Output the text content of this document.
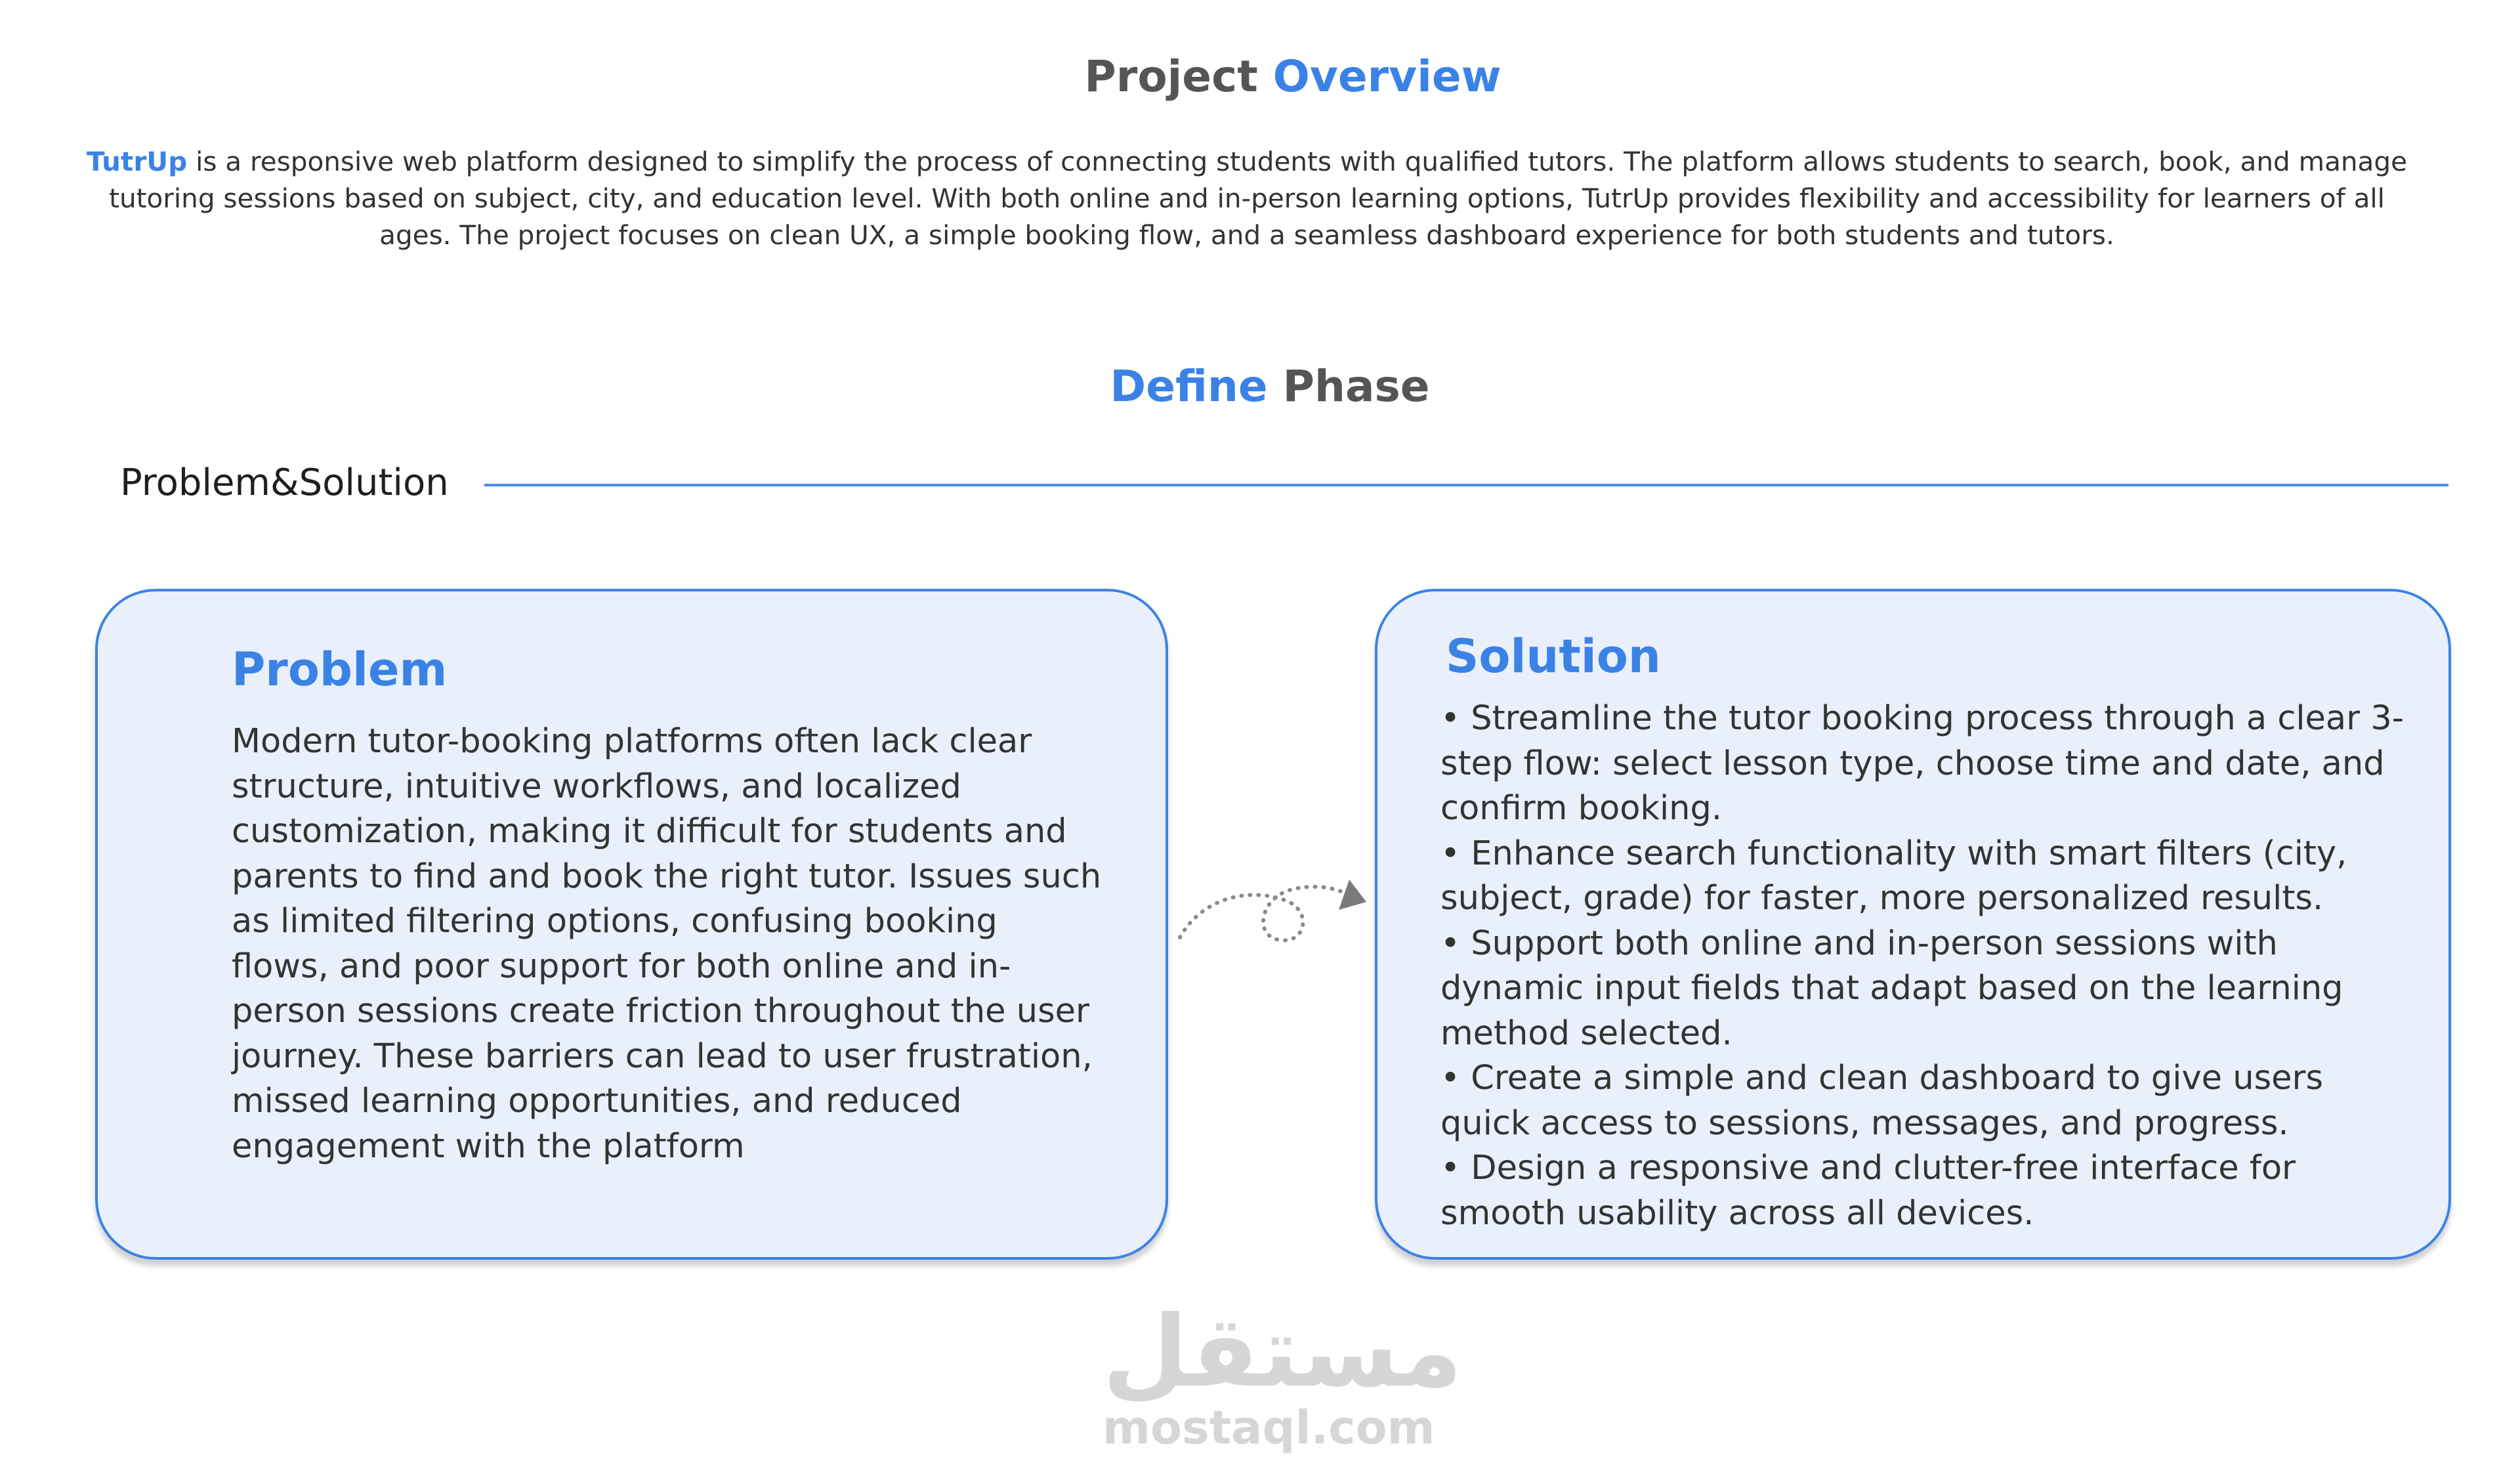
Project Overview
TutrUp is a responsive web platform designed to simplify the process of connecting students with qualified tutors. The platform allows students to search, book, and manage tutoring sessions based on subject, city, and education level. With both online and in-person learning options, TutrUp provides flexibility and accessibility for learners of all ages. The project focuses on clean UX, a simple booking flow, and a seamless dashboard experience for both students and tutors.
Define Phase
Problem&Solution
Problem
Modern tutor-booking platforms often lack clear structure, intuitive workflows, and localized customization, making it difficult for students and parents to find and book the right tutor. Issues such as limited filtering options, confusing booking flows, and poor support for both online and in-person sessions create friction throughout the user journey. These barriers can lead to user frustration, missed learning opportunities, and reduced engagement with the platform
Solution
• Streamline the tutor booking process through a clear 3-step flow: select lesson type, choose time and date, and confirm booking.
• Enhance search functionality with smart filters (city, subject, grade) for faster, more personalized results.
• Support both online and in-person sessions with dynamic input fields that adapt based on the learning method selected.
• Create a simple and clean dashboard to give users quick access to sessions, messages, and progress.
• Design a responsive and clutter-free interface for smooth usability across all devices.
مستقل
mostaql.com
